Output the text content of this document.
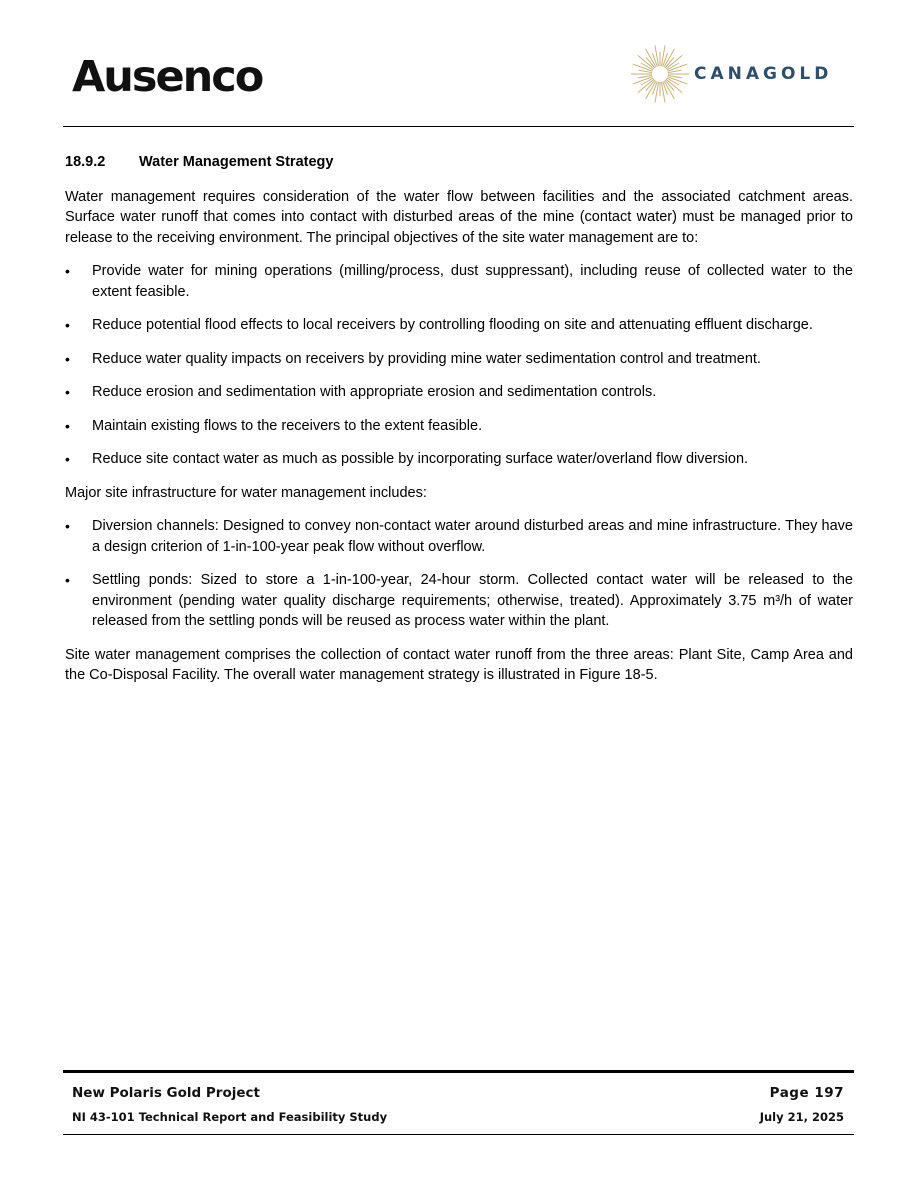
Ausenco	CANAGOLD
18.9.2 Water Management Strategy

Water management requires consideration of the water flow between facilities and the associated catchment areas. Surface water runoff that comes into contact with disturbed areas of the mine (contact water) must be managed prior to release to the receiving environment. The principal objectives of the site water management are to:

• Provide water for mining operations (milling/process, dust suppressant), including reuse of collected water to the extent feasible.
• Reduce potential flood effects to local receivers by controlling flooding on site and attenuating effluent discharge.
• Reduce water quality impacts on receivers by providing mine water sedimentation control and treatment.
• Reduce erosion and sedimentation with appropriate erosion and sedimentation controls.
• Maintain existing flows to the receivers to the extent feasible.
• Reduce site contact water as much as possible by incorporating surface water/overland flow diversion.

Major site infrastructure for water management includes:

• Diversion channels: Designed to convey non-contact water around disturbed areas and mine infrastructure. They have a design criterion of 1-in-100-year peak flow without overflow.
• Settling ponds: Sized to store a 1-in-100-year, 24-hour storm. Collected contact water will be released to the environment (pending water quality discharge requirements; otherwise, treated). Approximately 3.75 m³/h of water released from the settling ponds will be reused as process water within the plant.

Site water management comprises the collection of contact water runoff from the three areas: Plant Site, Camp Area and the Co-Disposal Facility. The overall water management strategy is illustrated in Figure 18-5.

New Polaris Gold Project
NI 43-101 Technical Report and Feasibility Study
Page 197
July 21, 2025
